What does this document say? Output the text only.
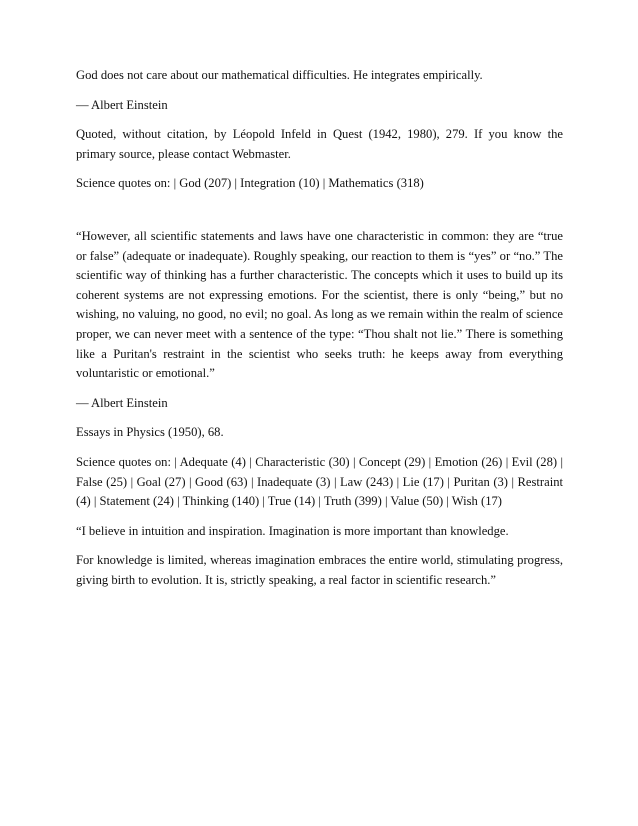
God does not care about our mathematical difficulties. He integrates empirically.

— Albert Einstein

Quoted, without citation, by Léopold Infeld in Quest (1942, 1980), 279. If you know the primary source, please contact Webmaster.

Science quotes on: | God (207) | Integration (10) | Mathematics (318)

“However, all scientific statements and laws have one characteristic in common: they are “true or false” (adequate or inadequate). Roughly speaking, our reaction to them is “yes” or “no.” The scientific way of thinking has a further characteristic. The concepts which it uses to build up its coherent systems are not expressing emotions. For the scientist, there is only “being,” but no wishing, no valuing, no good, no evil; no goal. As long as we remain within the realm of science proper, we can never meet with a sentence of the type: “Thou shalt not lie.” There is something like a Puritan's restraint in the scientist who seeks truth: he keeps away from everything voluntaristic or emotional.”

— Albert Einstein

Essays in Physics (1950), 68.

Science quotes on: | Adequate (4) | Characteristic (30) | Concept (29) | Emotion (26) | Evil (28) | False (25) | Goal (27) | Good (63) | Inadequate (3) | Law (243) | Lie (17) | Puritan (3) | Restraint (4) | Statement (24) | Thinking (140) | True (14) | Truth (399) | Value (50) | Wish (17)

“I believe in intuition and inspiration. Imagination is more important than knowledge.

For knowledge is limited, whereas imagination embraces the entire world, stimulating progress, giving birth to evolution. It is, strictly speaking, a real factor in scientific research.”
